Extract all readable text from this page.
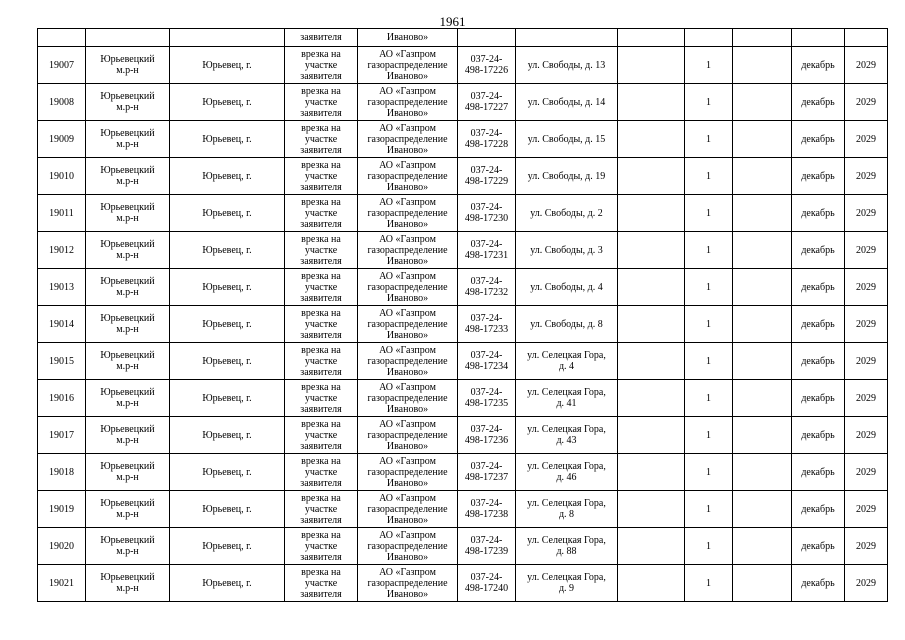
1961
			заявителя	Иваново»							

19007	Юрьевецкий
м.р-н	Юрьевец, г.	врезка на
участке
заявителя	АО «Газпром
газораспределение
Иваново»	037-24-
498-17226	ул. Свободы, д. 13		1		декабрь	2029

19008	Юрьевецкий
м.р-н	Юрьевец, г.	врезка на
участке
заявителя	АО «Газпром
газораспределение
Иваново»	037-24-
498-17227	ул. Свободы, д. 14		1		декабрь	2029

19009	Юрьевецкий
м.р-н	Юрьевец, г.	врезка на
участке
заявителя	АО «Газпром
газораспределение
Иваново»	037-24-
498-17228	ул. Свободы, д. 15		1		декабрь	2029

19010	Юрьевецкий
м.р-н	Юрьевец, г.	врезка на
участке
заявителя	АО «Газпром
газораспределение
Иваново»	037-24-
498-17229	ул. Свободы, д. 19		1		декабрь	2029

19011	Юрьевецкий
м.р-н	Юрьевец, г.	врезка на
участке
заявителя	АО «Газпром
газораспределение
Иваново»	037-24-
498-17230	ул. Свободы, д. 2		1		декабрь	2029

19012	Юрьевецкий
м.р-н	Юрьевец, г.	врезка на
участке
заявителя	АО «Газпром
газораспределение
Иваново»	037-24-
498-17231	ул. Свободы, д. 3		1		декабрь	2029

19013	Юрьевецкий
м.р-н	Юрьевец, г.	врезка на
участке
заявителя	АО «Газпром
газораспределение
Иваново»	037-24-
498-17232	ул. Свободы, д. 4		1		декабрь	2029

19014	Юрьевецкий
м.р-н	Юрьевец, г.	врезка на
участке
заявителя	АО «Газпром
газораспределение
Иваново»	037-24-
498-17233	ул. Свободы, д. 8		1		декабрь	2029

19015	Юрьевецкий
м.р-н	Юрьевец, г.	врезка на
участке
заявителя	АО «Газпром
газораспределение
Иваново»	037-24-
498-17234	ул. Селецкая Гора,
д. 4		1		декабрь	2029

19016	Юрьевецкий
м.р-н	Юрьевец, г.	врезка на
участке
заявителя	АО «Газпром
газораспределение
Иваново»	037-24-
498-17235	ул. Селецкая Гора,
д. 41		1		декабрь	2029

19017	Юрьевецкий
м.р-н	Юрьевец, г.	врезка на
участке
заявителя	АО «Газпром
газораспределение
Иваново»	037-24-
498-17236	ул. Селецкая Гора,
д. 43		1		декабрь	2029

19018	Юрьевецкий
м.р-н	Юрьевец, г.	врезка на
участке
заявителя	АО «Газпром
газораспределение
Иваново»	037-24-
498-17237	ул. Селецкая Гора,
д. 46		1		декабрь	2029

19019	Юрьевецкий
м.р-н	Юрьевец, г.	врезка на
участке
заявителя	АО «Газпром
газораспределение
Иваново»	037-24-
498-17238	ул. Селецкая Гора,
д. 8		1		декабрь	2029

19020	Юрьевецкий
м.р-н	Юрьевец, г.	врезка на
участке
заявителя	АО «Газпром
газораспределение
Иваново»	037-24-
498-17239	ул. Селецкая Гора,
д. 88		1		декабрь	2029

19021	Юрьевецкий
м.р-н	Юрьевец, г.	врезка на
участке
заявителя	АО «Газпром
газораспределение
Иваново»	037-24-
498-17240	ул. Селецкая Гора,
д. 9		1		декабрь	2029
